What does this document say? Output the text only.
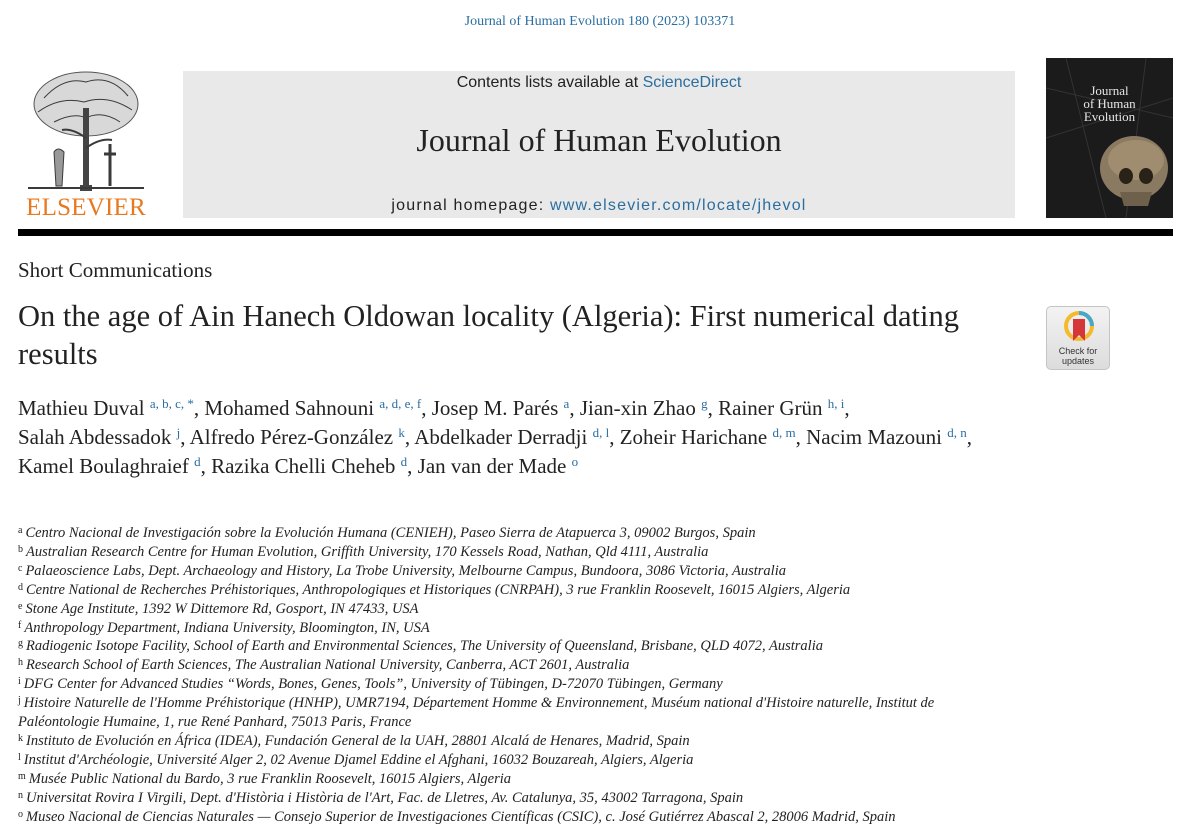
Journal of Human Evolution 180 (2023) 103371
ELSEVIER
Contents lists available at ScienceDirect
Journal of Human Evolution
journal homepage: www.elsevier.com/locate/jhevol
Journal
of Human
Evolution
Short Communications
On the age of Ain Hanech Oldowan locality (Algeria): First numerical dating results	Check for
updates
Mathieu Duval $^{a, b, c, *}$, Mohamed Sahnouni $^{a, d, e, f}$, Josep M. Parés $^a$, Jian-xin Zhao $^g$, Rainer Grün $^{h, i}$, Salah Abdessadok $^j$, Alfredo Pérez-González $^k$, Abdelkader Derradji $^{d, l}$, Zoheir Harichane $^{d, m}$, Nacim Mazouni $^{d, n}$, Kamel Boulaghraief $^d$, Razika Chelli Cheheb $^d$, Jan van der Made $^o$
$^a$ Centro Nacional de Investigación sobre la Evolución Humana (CENIEH), Paseo Sierra de Atapuerca 3, 09002 Burgos, Spain
$^b$ Australian Research Centre for Human Evolution, Griffith University, 170 Kessels Road, Nathan, Qld 4111, Australia
$^c$ Palaeoscience Labs, Dept. Archaeology and History, La Trobe University, Melbourne Campus, Bundoora, 3086 Victoria, Australia
$^d$ Centre National de Recherches Préhistoriques, Anthropologiques et Historiques (CNRPAH), 3 rue Franklin Roosevelt, 16015 Algiers, Algeria
$^e$ Stone Age Institute, 1392 W Dittemore Rd, Gosport, IN 47433, USA
$^f$ Anthropology Department, Indiana University, Bloomington, IN, USA
$^g$ Radiogenic Isotope Facility, School of Earth and Environmental Sciences, The University of Queensland, Brisbane, QLD 4072, Australia
$^h$ Research School of Earth Sciences, The Australian National University, Canberra, ACT 2601, Australia
$^i$ DFG Center for Advanced Studies “Words, Bones, Genes, Tools”, University of Tübingen, D-72070 Tübingen, Germany
$^j$ Histoire Naturelle de l'Homme Préhistorique (HNHP), UMR7194, Département Homme & Environnement, Muséum national d'Histoire naturelle, Institut de Paléontologie Humaine, 1, rue René Panhard, 75013 Paris, France
$^k$ Instituto de Evolución en África (IDEA), Fundación General de la UAH, 28801 Alcalá de Henares, Madrid, Spain
$^l$ Institut d'Archéologie, Université Alger 2, 02 Avenue Djamel Eddine el Afghani, 16032 Bouzareah, Algiers, Algeria
$^m$ Musée Public National du Bardo, 3 rue Franklin Roosevelt, 16015 Algiers, Algeria
$^n$ Universitat Rovira I Virgili, Dept. d'Història i Història de l'Art, Fac. de Lletres, Av. Catalunya, 35, 43002 Tarragona, Spain
$^o$ Museo Nacional de Ciencias Naturales — Consejo Superior de Investigaciones Científicas (CSIC), c. José Gutiérrez Abascal 2, 28006 Madrid, Spain
